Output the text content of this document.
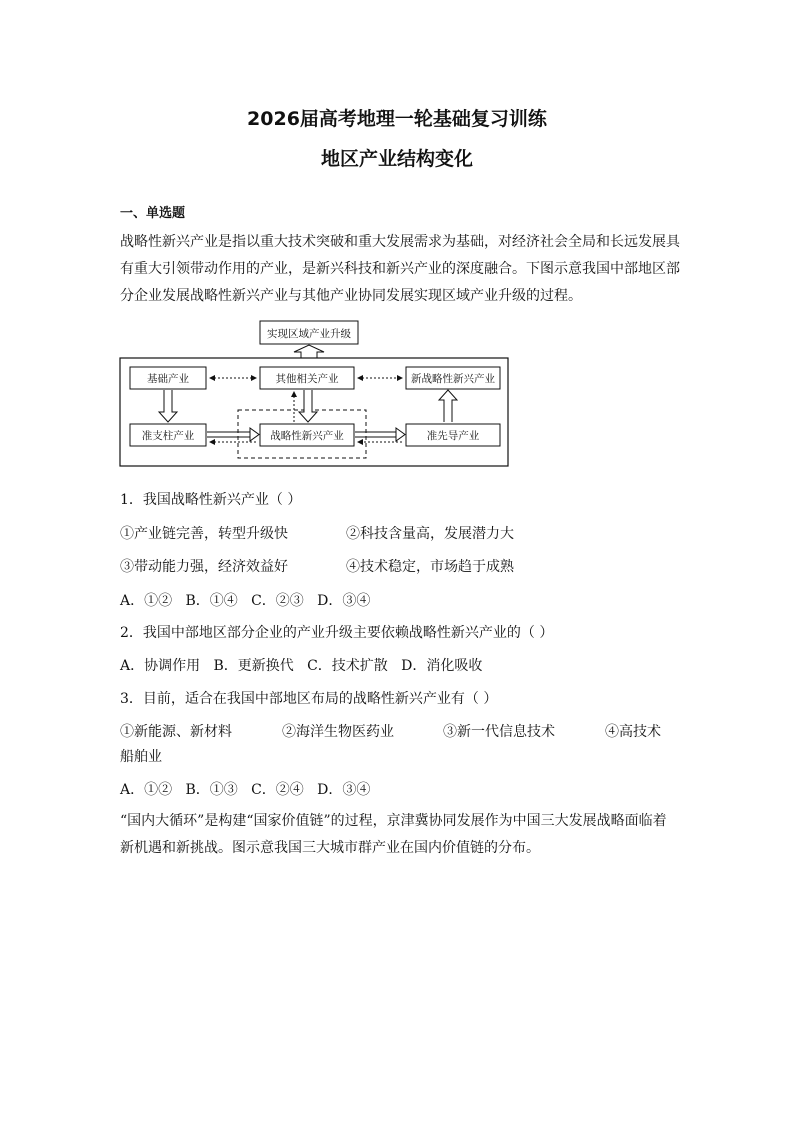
2026届高考地理一轮基础复习训练
地区产业结构变化
一、单选题
战略性新兴产业是指以重大技术突破和重大发展需求为基础，对经济社会全局和长远发展具有重大引领带动作用的产业，是新兴科技和新兴产业的深度融合。下图示意我国中部地区部分企业发展战略性新兴产业与其他产业协同发展实现区域产业升级的过程。
实现区域产业升级
基础产业	其他相关产业	新战略性新兴产业
准支柱产业	战略性新兴产业	准先导产业
1．我国战略性新兴产业（ ）
①产业链完善，转型升级快	②科技含量高，发展潜力大
③带动能力强，经济效益好	④技术稳定，市场趋于成熟
A．①②   B．①④   C．②③   D．③④
2．我国中部地区部分企业的产业升级主要依赖战略性新兴产业的（ ）
A．协调作用   B．更新换代   C．技术扩散   D．消化吸收
3．目前，适合在我国中部地区布局的战略性新兴产业有（ ）
①新能源、新材料	②海洋生物医药业	③新一代信息技术	④高技术
船舶业
A．①②   B．①③   C．②④   D．③④
“国内大循环”是构建“国家价值链”的过程，京津冀协同发展作为中国三大发展战略面临着新机遇和新挑战。图示意我国三大城市群产业在国内价值链的分布。
